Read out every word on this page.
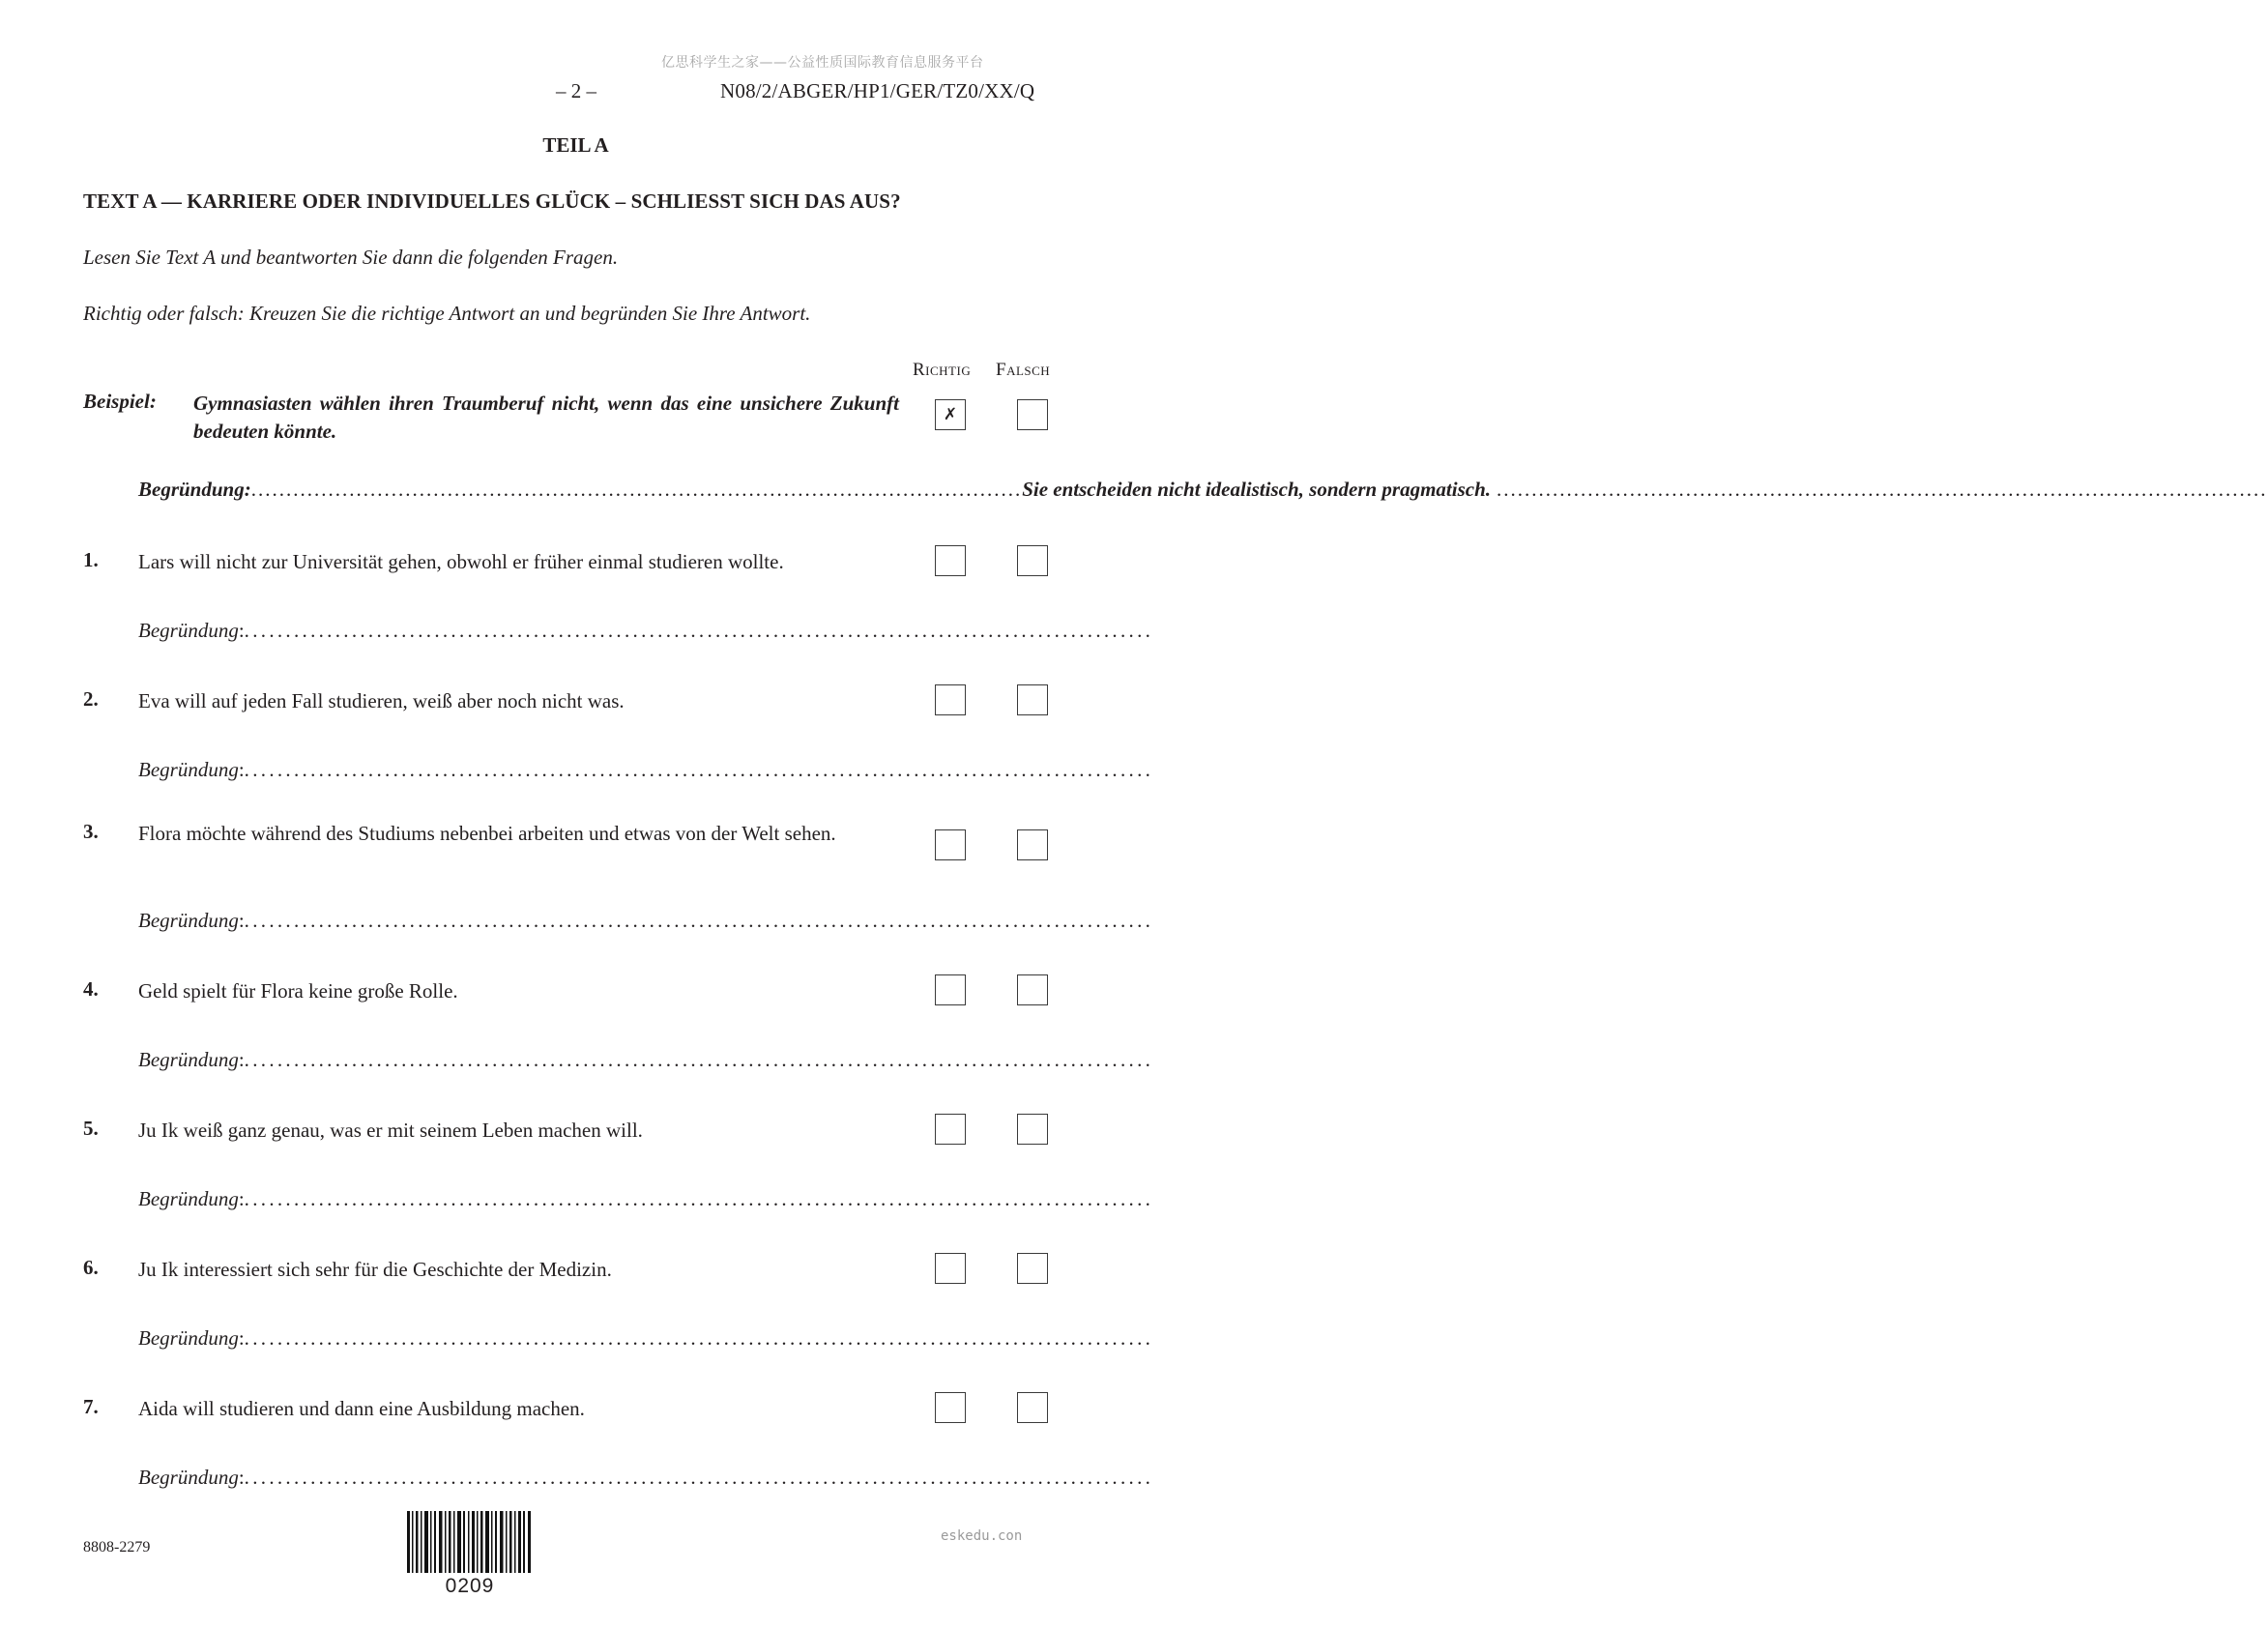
亿思科学生之家——公益性质国际教育信息服务平台
– 2 –	N08/2/ABGER/HP1/GER/TZ0/XX/Q
TEIL A
TEXT A — KARRIERE ODER INDIVIDUELLES GLÜCK – SCHLIESST SICH DAS AUS?
Lesen Sie Text A und beantworten Sie dann die folgenden Fragen.
Richtig oder falsch: Kreuzen Sie die richtige Antwort an und begründen Sie Ihre Antwort.
Richtig Falsch
Beispiel: Gymnasiasten wählen ihren Traumberuf nicht, wenn das eine unsichere Zukunft bedeuten könnte.
✗
Begründung: .............................................................................................................. Sie entscheiden nicht idealistisch, sondern pragmatisch. ..............................................................................................................
1. Lars will nicht zur Universität gehen, obwohl er früher einmal studieren wollte.
Begründung : ..............................................................................................................
2. Eva will auf jeden Fall studieren, weiß aber noch nicht was.
Begründung : ..............................................................................................................
3. Flora möchte während des Studiums nebenbei arbeiten und etwas von der Welt sehen.
Begründung : ..............................................................................................................
4. Geld spielt für Flora keine große Rolle.
Begründung : ..............................................................................................................
5. Ju Ik weiß ganz genau, was er mit seinem Leben machen will.
Begründung : ..............................................................................................................
6. Ju Ik interessiert sich sehr für die Geschichte der Medizin.
Begründung : ..............................................................................................................
7. Aida will studieren und dann eine Ausbildung machen.
Begründung : ..............................................................................................................
8808-2279
0209
eskedu.con
